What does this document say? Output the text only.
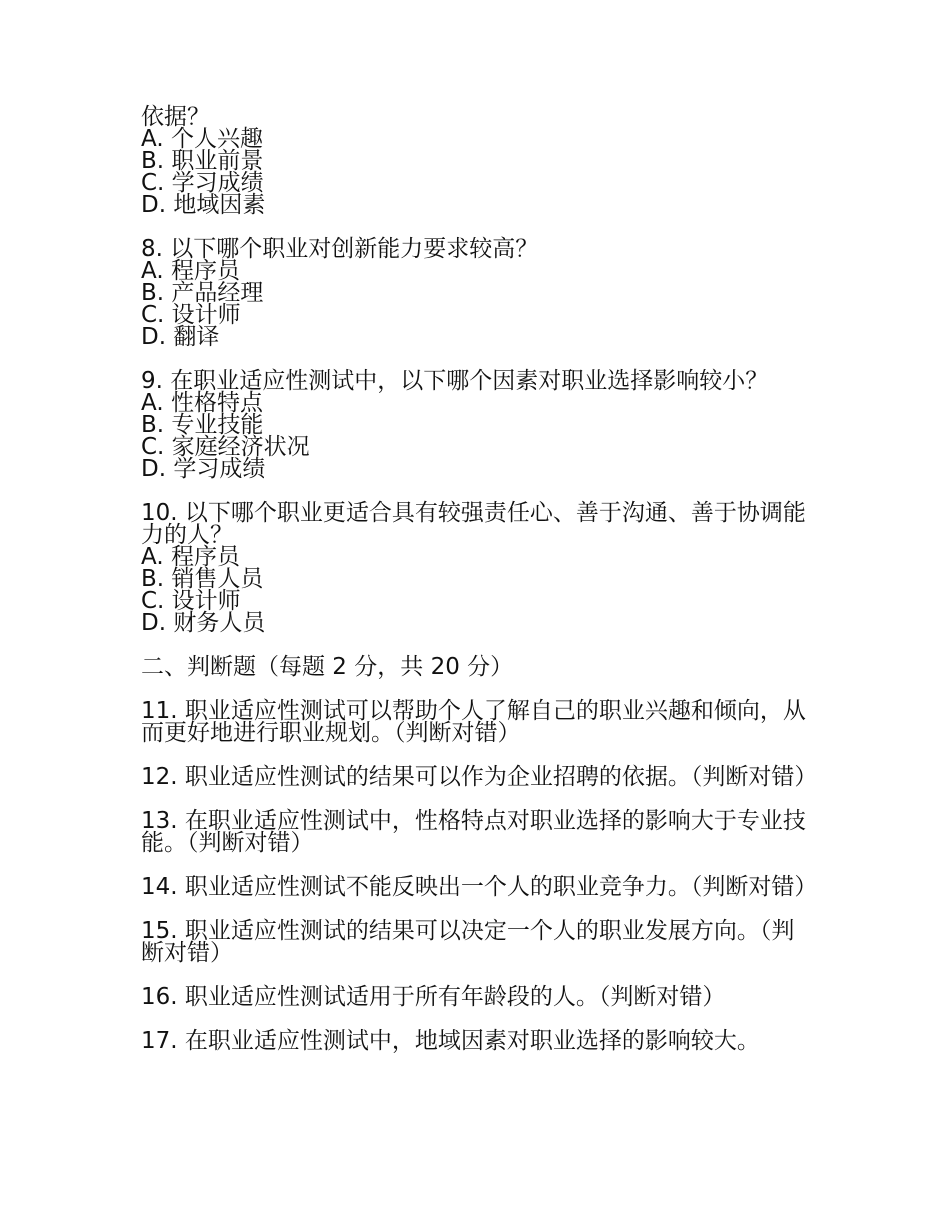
依据？
A. 个人兴趣
B. 职业前景
C. 学习成绩
D. 地域因素
8. 以下哪个职业对创新能力要求较高？
A. 程序员
B. 产品经理
C. 设计师
D. 翻译
9. 在职业适应性测试中，以下哪个因素对职业选择影响较小？
A. 性格特点
B. 专业技能
C. 家庭经济状况
D. 学习成绩
10. 以下哪个职业更适合具有较强责任心、善于沟通、善于协调能力的人？
A. 程序员
B. 销售人员
C. 设计师
D. 财务人员
二、判断题（每题 2 分，共 20 分）
11. 职业适应性测试可以帮助个人了解自己的职业兴趣和倾向，从而更好地进行职业规划。（判断对错）
12. 职业适应性测试的结果可以作为企业招聘的依据。（判断对错）
13. 在职业适应性测试中，性格特点对职业选择的影响大于专业技能。（判断对错）
14. 职业适应性测试不能反映出一个人的职业竞争力。（判断对错）
15. 职业适应性测试的结果可以决定一个人的职业发展方向。（判断对错）
16. 职业适应性测试适用于所有年龄段的人。（判断对错）
17. 在职业适应性测试中，地域因素对职业选择的影响较大。
